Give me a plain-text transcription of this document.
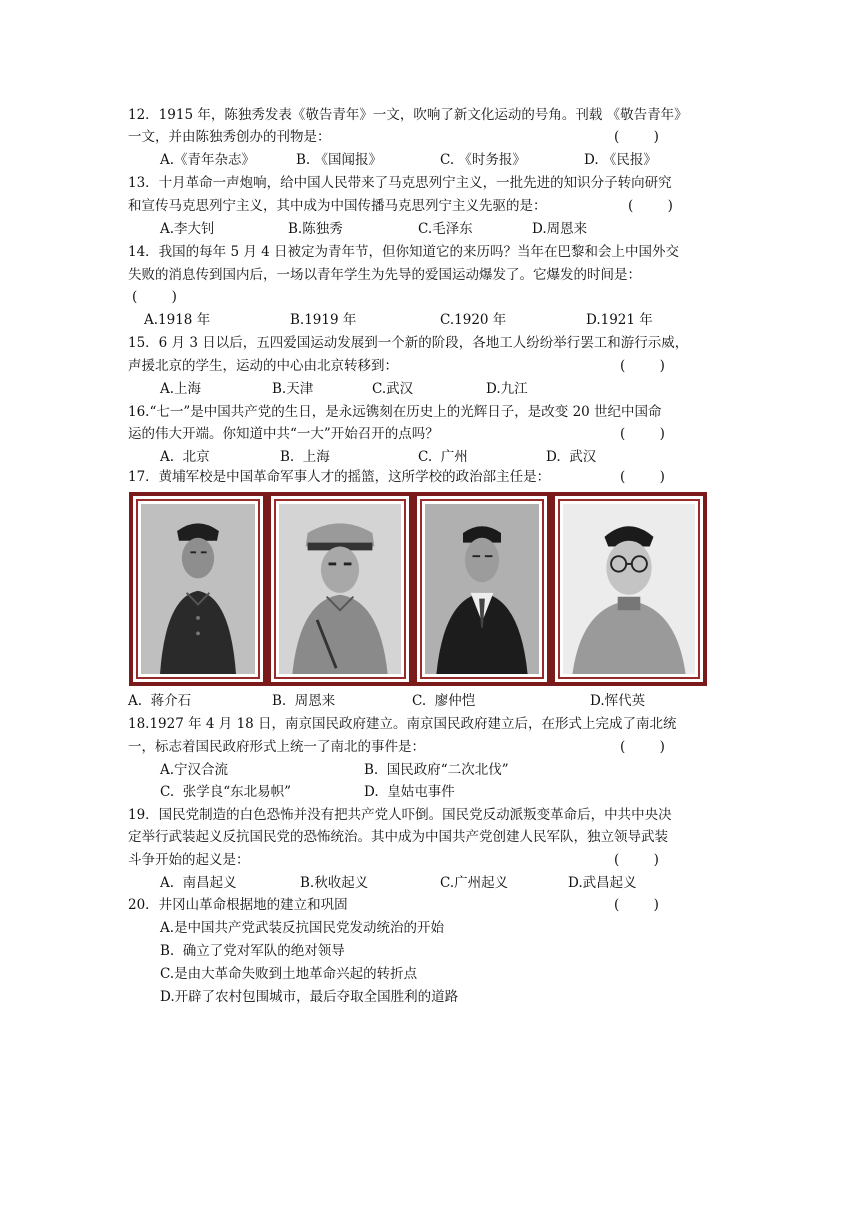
12．1915 年，陈独秀发表《敬告青年》一文，吹响了新文化运动的号角。刊载 《敬告青年》
一文，并由陈独秀创办的刊物是：	(        )
A.《青年杂志》	B. 《国闻报》	C. 《时务报》	D. 《民报》
13．十月革命一声炮响，给中国人民带来了马克思列宁主义，一批先进的知识分子转向研究
和宣传马克思列宁主义，其中成为中国传播马克思列宁主义先驱的是：	(        )
A.李大钊	B.陈独秀	C.毛泽东	D.周恩来
14．我国的每年 5 月 4 日被定为青年节，但你知道它的来历吗？当年在巴黎和会上中国外交
失败的消息传到国内后，一场以青年学生为先导的爱国运动爆发了。它爆发的时间是：
(        )
A.1918 年	B.1919 年	C.1920 年	D.1921 年
15．6 月 3 日以后，五四爱国运动发展到一个新的阶段，各地工人纷纷举行罢工和游行示威，
声援北京的学生，运动的中心由北京转移到：	(        )
A.上海	B.天津	C.武汉	D.九江
16.“七一”是中国共产党的生日，是永远镌刻在历史上的光辉日子，是改变 20 世纪中国命
运的伟大开端。你知道中共“一大”开始召开的点吗？	(        )
A.  北京	B.  上海	C.  广州	D.  武汉
17．黄埔军校是中国革命军事人才的摇篮，这所学校的政治部主任是：	(        )
A.  蒋介石	B.  周恩来	C.  廖仲恺	D.恽代英
18.1927 年 4 月 18 日，南京国民政府建立。南京国民政府建立后，在形式上完成了南北统
一，标志着国民政府形式上统一了南北的事件是：	(        )
A.宁汉合流	B.  国民政府“二次北伐”
C.  张学良“东北易帜”	D.  皇姑屯事件
19．国民党制造的白色恐怖并没有把共产党人吓倒。国民党反动派叛变革命后，中共中央决
定举行武装起义反抗国民党的恐怖统治。其中成为中国共产党创建人民军队，独立领导武装
斗争开始的起义是：	(        )
A.  南昌起义	B.秋收起义	C.广州起义	D.武昌起义
20．井冈山革命根据地的建立和巩固	(        )
A.是中国共产党武装反抗国民党发动统治的开始
B.  确立了党对军队的绝对领导
C.是由大革命失败到土地革命兴起的转折点
D.开辟了农村包围城市，最后夺取全国胜利的道路
